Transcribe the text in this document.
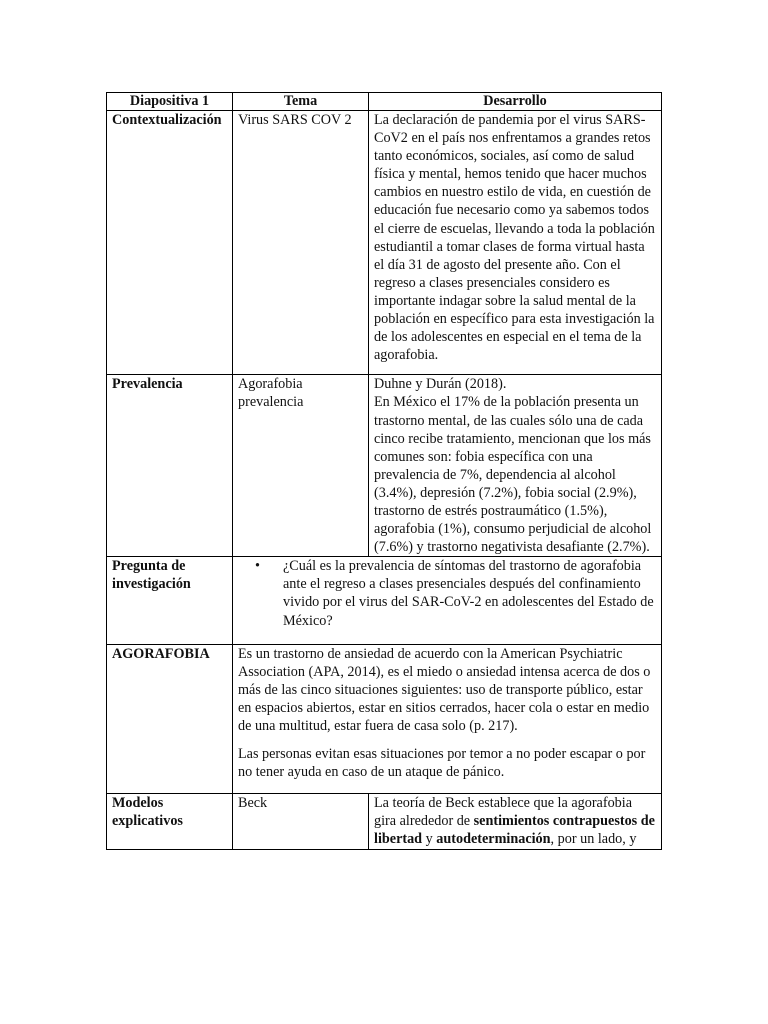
Diapositiva 1	Tema	Desarrollo
Contextualización	Virus SARS COV 2	La declaración de pandemia por el virus SARS-CoV2 en el país nos enfrentamos a grandes retos tanto económicos, sociales, así como de salud física y mental, hemos tenido que hacer muchos cambios en nuestro estilo de vida, en cuestión de educación fue necesario como ya sabemos todos el cierre de escuelas, llevando a toda la población estudiantil a tomar clases de forma virtual hasta el día 31 de agosto del presente año. Con el regreso a clases presenciales considero es importante indagar sobre la salud mental de la población en específico para esta investigación la de los adolescentes en especial en el tema de la agorafobia.
Prevalencia	Agorafobia prevalencia	Duhne y Durán (2018).
En México el 17% de la población presenta un trastorno mental, de las cuales sólo una de cada cinco recibe tratamiento, mencionan que los más comunes son: fobia específica con una prevalencia de 7%, dependencia al alcohol (3.4%), depresión (7.2%), fobia social (2.9%), trastorno de estrés postraumático (1.5%), agorafobia (1%), consumo perjudicial de alcohol (7.6%) y trastorno negativista desafiante (2.7%).

Pregunta de investigación	• ¿Cuál es la prevalencia de síntomas del trastorno de agorafobia ante el regreso a clases presenciales después del confinamiento vivido por el virus del SAR-CoV-2 en adolescentes del Estado de México?	

AGORAFOBIA	Es un trastorno de ansiedad de acuerdo con la American Psychiatric Association (APA, 2014), es el miedo o ansiedad intensa acerca de dos o más de las cinco situaciones siguientes: uso de transporte público, estar en espacios abiertos, estar en sitios cerrados, hacer cola o estar en medio de una multitud, estar fuera de casa solo (p. 217).

Las personas evitan esas situaciones por temor a no poder escapar o por no tener ayuda en caso de un ataque de pánico.	

Modelos explicativos	Beck	La teoría de Beck establece que la agorafobia gira alrededor de sentimientos contrapuestos de libertad y autodeterminación, por un lado, y
